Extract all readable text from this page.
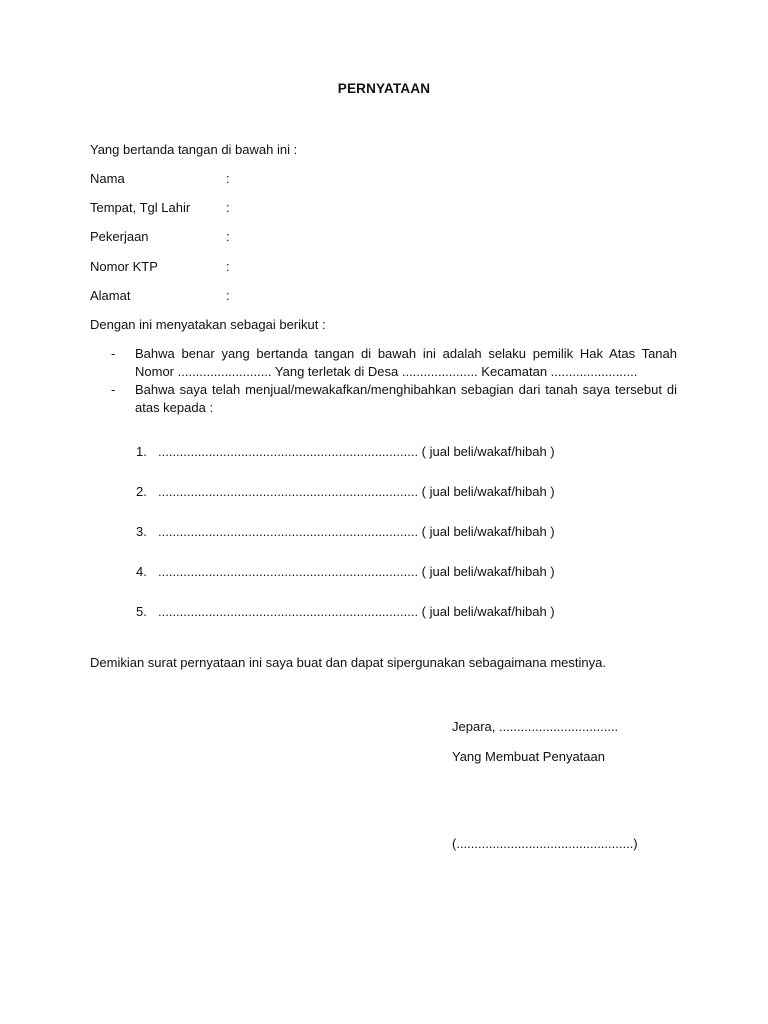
PERNYATAAN
Yang bertanda tangan di bawah ini :
Nama	:
Tempat, Tgl Lahir	:
Pekerjaan	:
Nomor KTP	:
Alamat	:
Dengan ini menyatakan sebagai berikut :
- Bahwa benar yang bertanda tangan di bawah ini adalah selaku pemilik Hak Atas Tanah Nomor .......................... Yang terletak di Desa ..................... Kecamatan ........................
- Bahwa saya telah menjual/mewakafkan/menghibahkan sebagian dari tanah saya tersebut di atas kepada :
1. ........................................................................ ( jual beli/wakaf/hibah )
2. ........................................................................ ( jual beli/wakaf/hibah )
3. ........................................................................ ( jual beli/wakaf/hibah )
4. ........................................................................ ( jual beli/wakaf/hibah )
5. ........................................................................ ( jual beli/wakaf/hibah )
Demikian surat pernyataan ini saya buat dan dapat sipergunakan sebagaimana mestinya.
Jepara, .................................
Yang Membuat Penyataan
(.................................................)
